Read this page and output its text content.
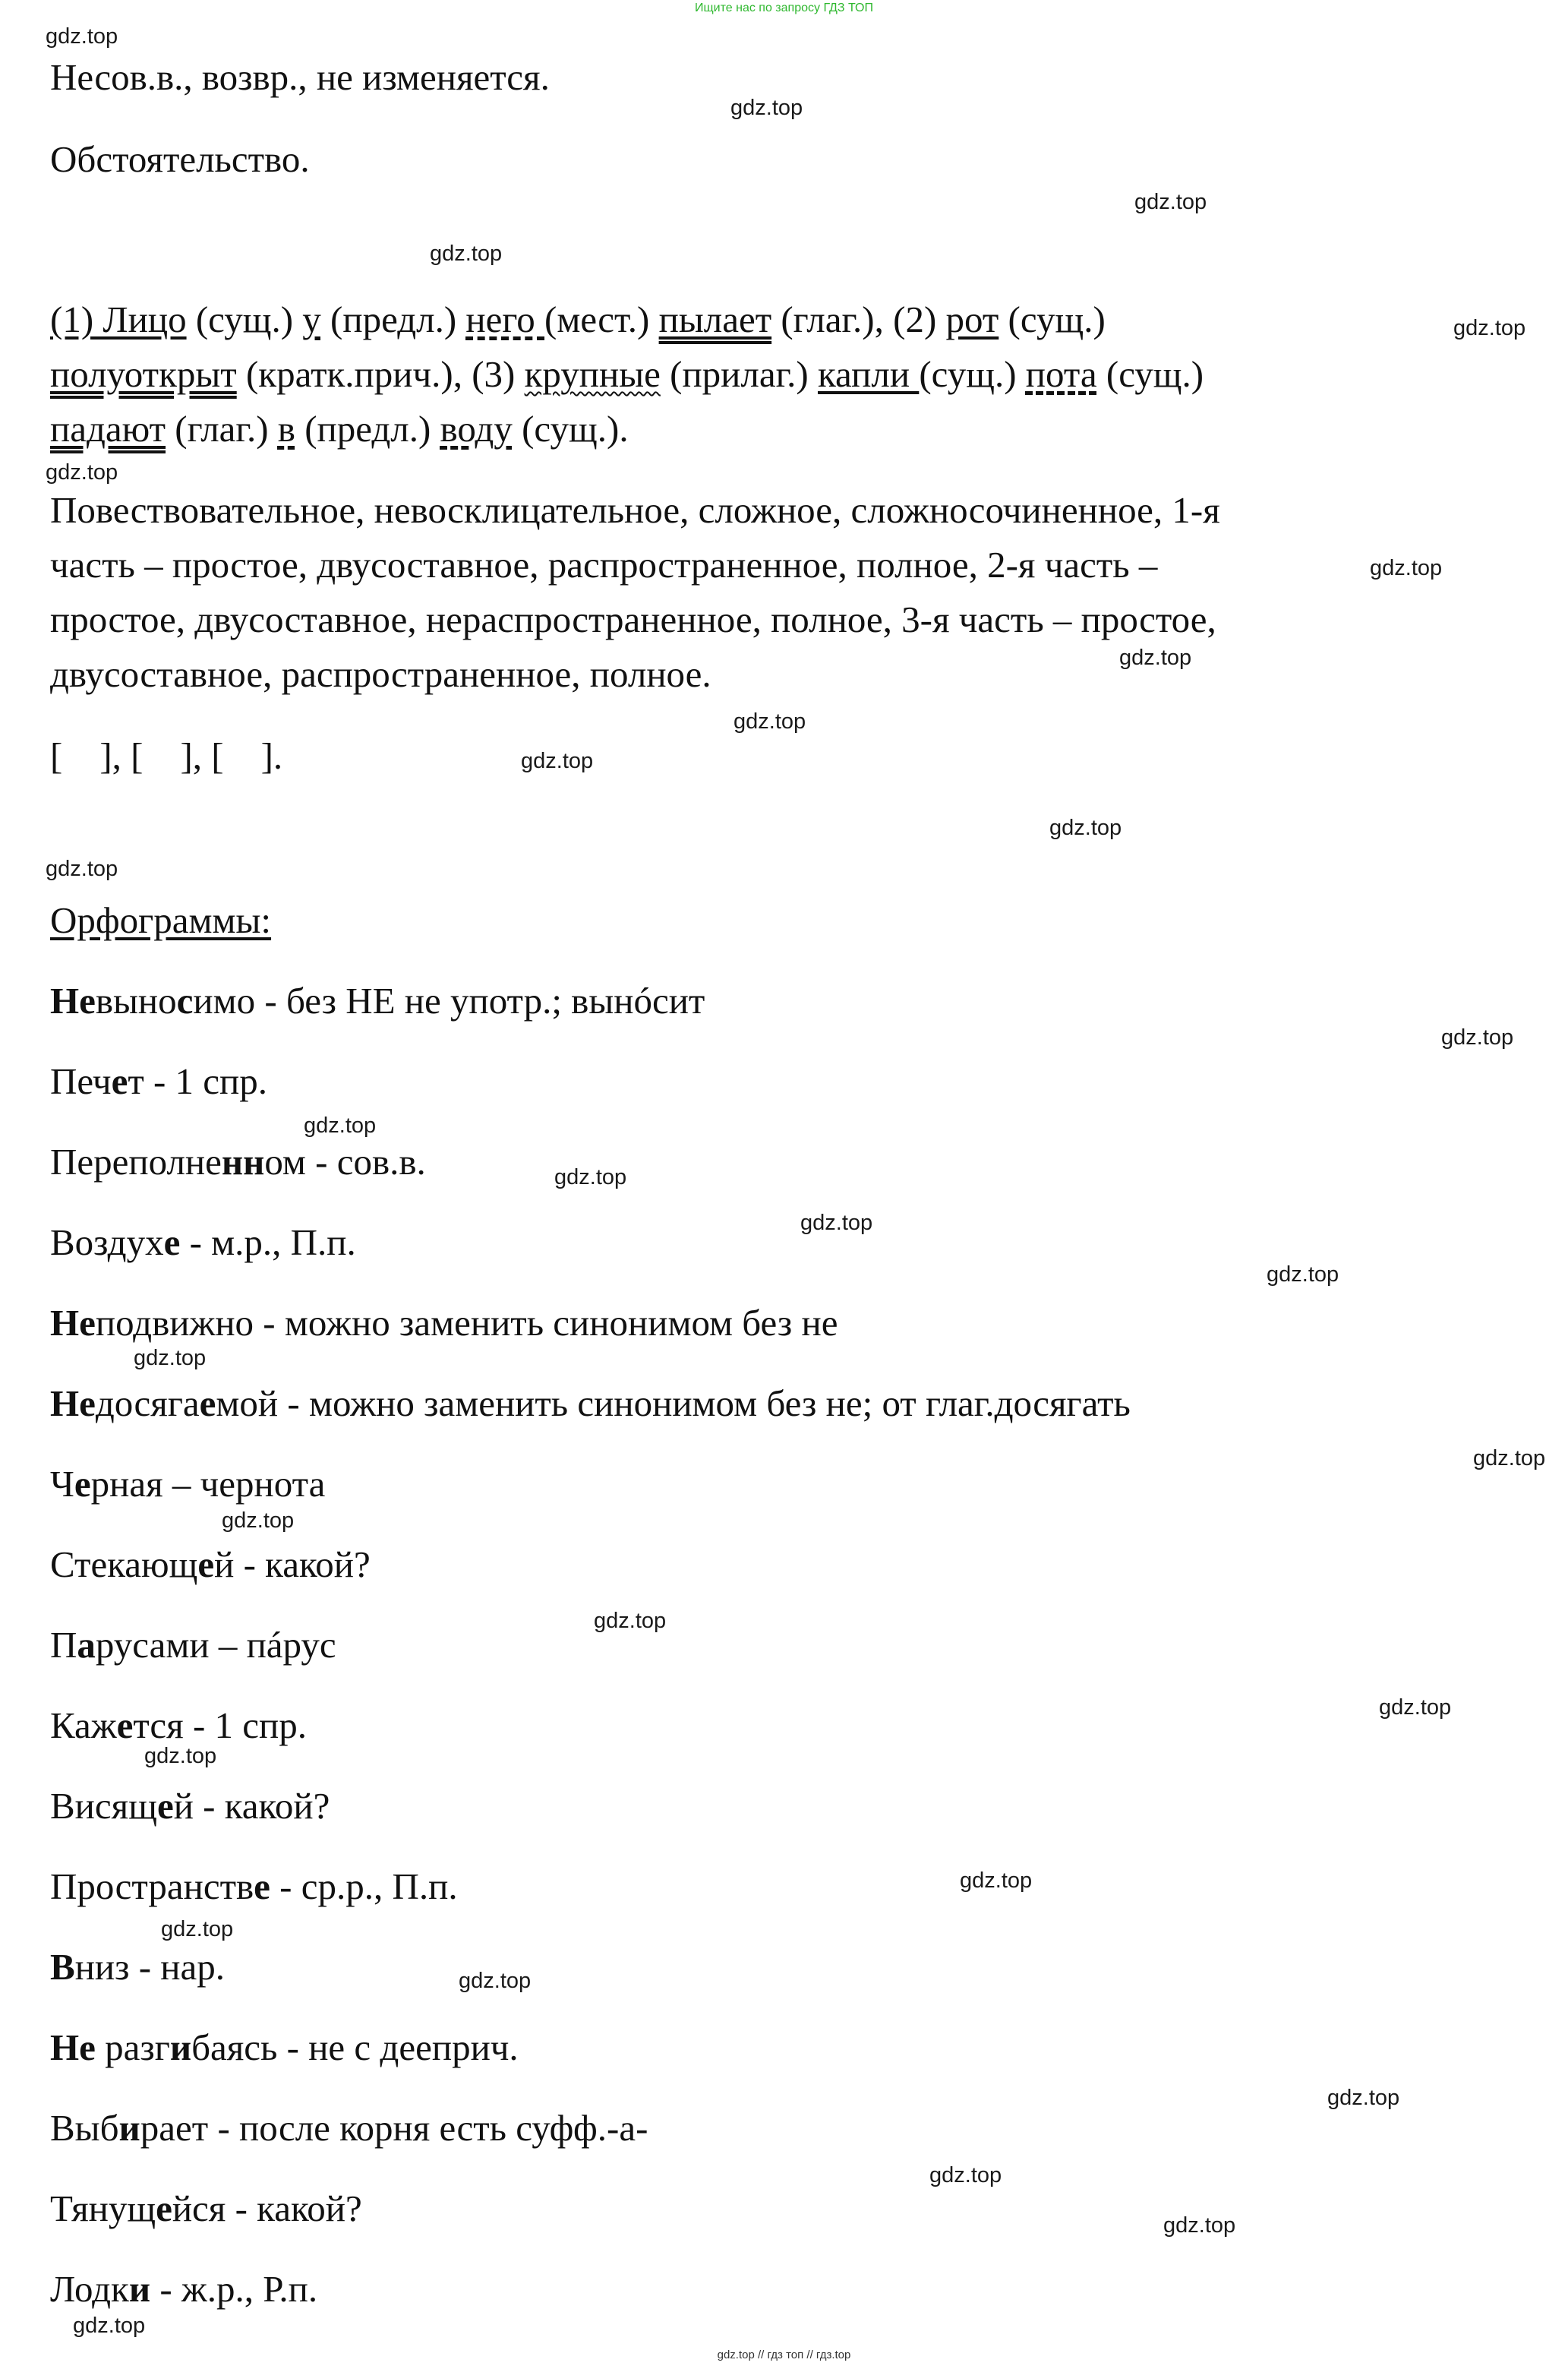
Ищите нас по запросу ГДЗ ТОП
Несов.в., возвр., не изменяется.
Обстоятельство.
(1) Лицо (сущ.) у (предл.) него (мест.) пылает (глаг.), (2) рот (сущ.)
полуоткрыт (кратк.прич.), (3) крупные (прилаг.) капли (сущ.) пота (сущ.)
падают (глаг.) в (предл.) воду (сущ.).
Повествовательное, невосклицательное, сложное, сложносочиненное, 1-я
часть – простое, двусоставное, распространенное, полное, 2-я часть –
простое, двусоставное, нераспространенное, полное, 3-я часть – простое,
двусоставное, распространенное, полное.
[    ], [    ], [    ].
Орфограммы:
Невыносимо - без НЕ не употр.; вынóсит
Печет - 1 спр.
Переполненном - сов.в.
Воздухе - м.р., П.п.
Неподвижно - можно заменить синонимом без не
Недосягаемой - можно заменить синонимом без не; от глаг.досягать
Черная – чернота
Стекающей - какой?
Парусами – пáрус
Кажется - 1 спр.
Висящей - какой?
Пространстве - ср.р., П.п.
Вниз - нар.
Не разгибаясь - не с дееприч.
Выбирает - после корня есть суфф.-а-
Тянущейся - какой?
Лодки - ж.р., Р.п.
gdz.top
gdz.top
gdz.top
gdz.top
gdz.top
gdz.top
gdz.top
gdz.top
gdz.top
gdz.top
gdz.top
gdz.top
gdz.top
gdz.top
gdz.top
gdz.top
gdz.top
gdz.top
gdz.top
gdz.top
gdz.top
gdz.top
gdz.top
gdz.top
gdz.top
gdz.top
gdz.top
gdz.top
gdz.top
gdz.top
gdz.top // гдз топ // гдз.top
